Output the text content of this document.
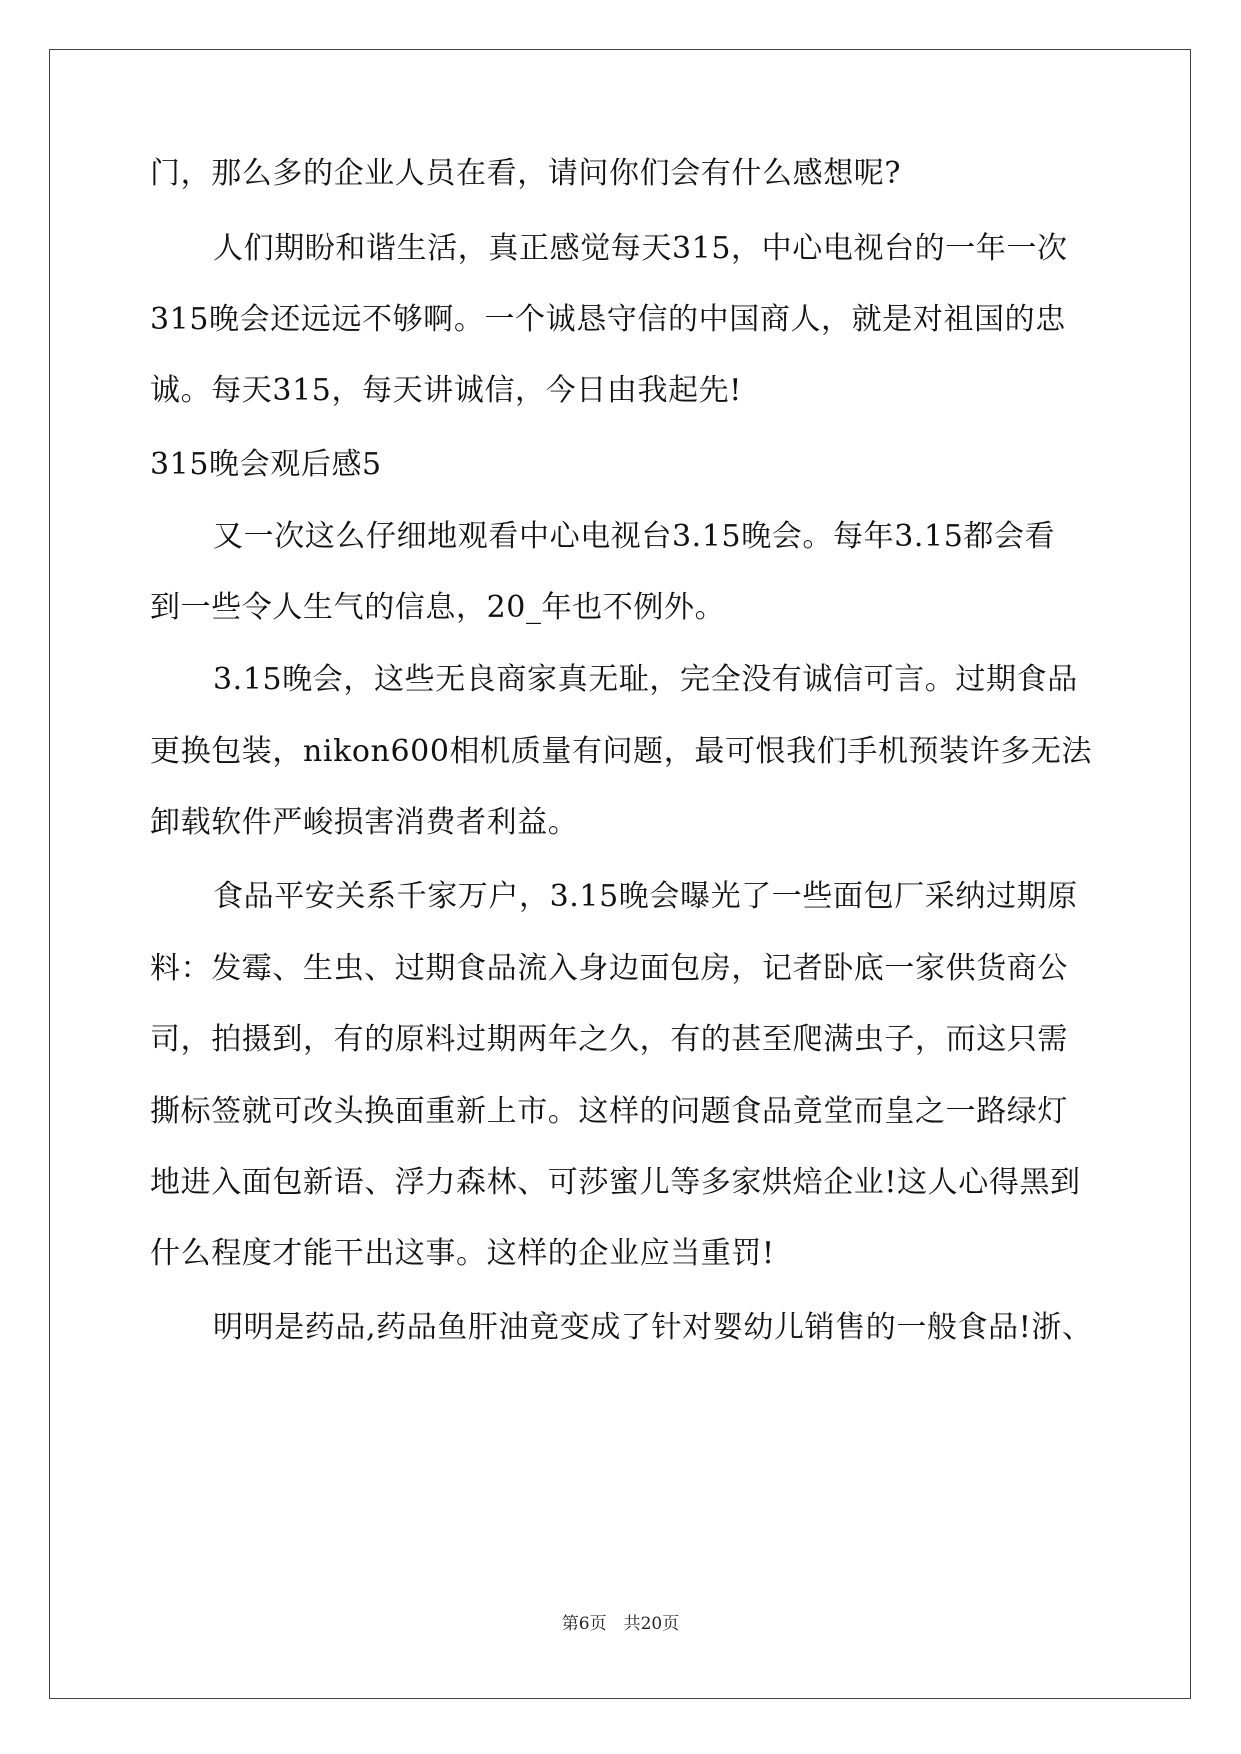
门，那么多的企业人员在看，请问你们会有什么感想呢?
人们期盼和谐生活，真正感觉每天315，中心电视台的一年一次
315晚会还远远不够啊。一个诚恳守信的中国商人，就是对祖国的忠
诚。每天315，每天讲诚信，今日由我起先!
315晚会观后感5
又一次这么仔细地观看中心电视台3.15晚会。每年3.15都会看
到一些令人生气的信息，20_年也不例外。
3.15晚会，这些无良商家真无耻，完全没有诚信可言。过期食品
更换包装，nikon600相机质量有问题，最可恨我们手机预装许多无法
卸载软件严峻损害消费者利益。
食品平安关系千家万户，3.15晚会曝光了一些面包厂采纳过期原
料：发霉、生虫、过期食品流入身边面包房，记者卧底一家供货商公
司，拍摄到，有的原料过期两年之久，有的甚至爬满虫子，而这只需
撕标签就可改头换面重新上市。这样的问题食品竟堂而皇之一路绿灯
地进入面包新语、浮力森林、可莎蜜儿等多家烘焙企业!这人心得黑到
什么程度才能干出这事。这样的企业应当重罚!
明明是药品,药品鱼肝油竟变成了针对婴幼儿销售的一般食品!浙、
第6页　共20页
